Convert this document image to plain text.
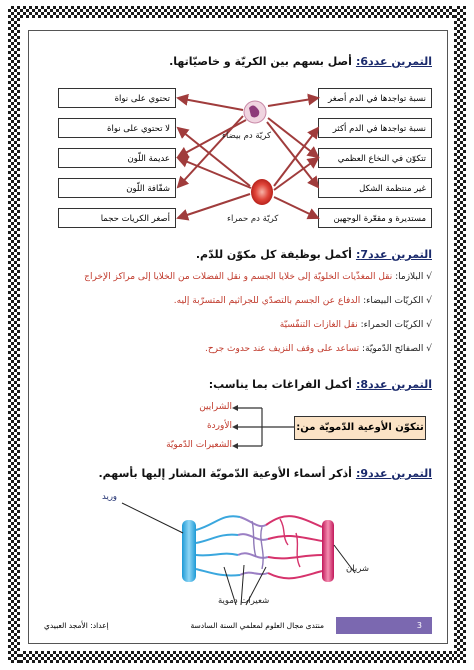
التمرين عدد6:أصل بسهم بين الكريّة و خاصيّاتها.
تحتوي على نواة
لا تحتوي على نواة
عديمة اللّون
شفّافة اللّون
أصغر الكريات حجما
نسبة تواجدها في الدم أصغر
نسبة تواجدها في الدم أكثر
تتكوّن في النخاع العظمي
غير منتظمة الشكل
مستديرة و مقعّرة الوجهين
كريّة دم بيضاء
كريّة دم حمراء
التمرين عدد7:أكمل بوظيفة كل مكوّن للدّم.
√ البلازما: نقل المغذّيات الخلويّة إلى خلايا الجسم و نقل الفضلات من الخلايا إلى مراكز الإخراج
√ الكريّات البيضاء: الدفاع عن الجسم بالتصدّي للجراثيم المتسرّبة إليه.
√ الكريّات الحمراء: نقل الغازات التنفّسيّة
√ الصفائح الدّمويّة: تساعد على وقف النزيف عند حدوث جرح.
التمرين عدد8:أكمل الفراغات بما يناسب:
تتكوّن الأوعية الدّمويّة من:
الشرايين
الأوردة
الشعيرات الدّمويّة
التمرين عدد9:أذكر أسماء الأوعية الدّمويّة المشار إليها بأسهم.
وريد
شريان
شعيرات دموية
3
منتدى مجال العلوم لمعلمي السنة السادسة
إعداد: الأمجد العبيدي
